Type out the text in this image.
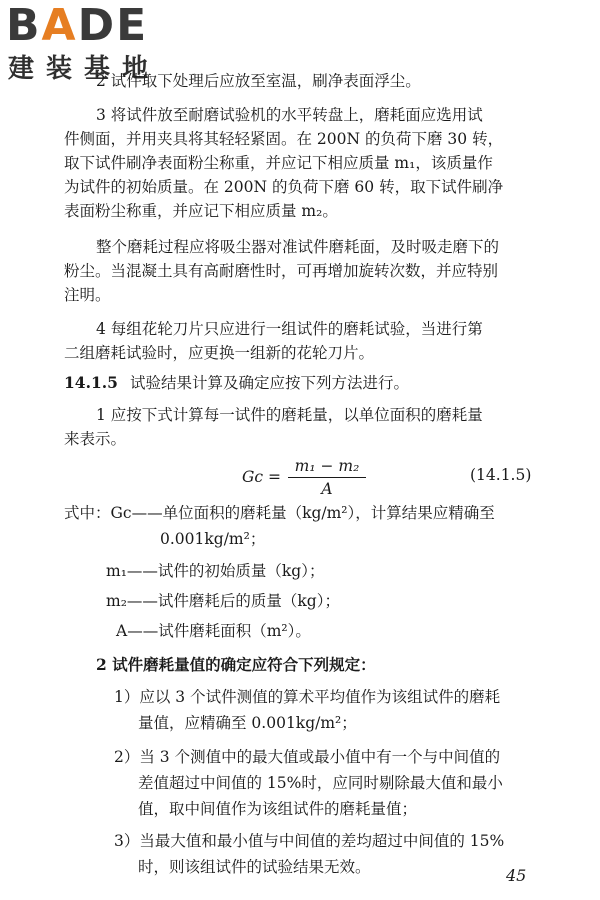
BADE
建装基地
2 试件取下处理后应放至室温，刷净表面浮尘。
3 将试件放至耐磨试验机的水平转盘上，磨耗面应选用试
件侧面，并用夹具将其轻轻紧固。在 200N 的负荷下磨 30 转，
取下试件刷净表面粉尘称重，并应记下相应质量 m₁，该质量作
为试件的初始质量。在 200N 的负荷下磨 60 转，取下试件刷净
表面粉尘称重，并应记下相应质量 m₂。
整个磨耗过程应将吸尘器对准试件磨耗面，及时吸走磨下的
粉尘。当混凝土具有高耐磨性时，可再增加旋转次数，并应特别
注明。
4 每组花轮刀片只应进行一组试件的磨耗试验，当进行第
二组磨耗试验时，应更换一组新的花轮刀片。
14.1.5 试验结果计算及确定应按下列方法进行。
1 应按下式计算每一试件的磨耗量，以单位面积的磨耗量
来表示。
Gc =
m₁ − m₂
A
(14.1.5)
式中：Gc——单位面积的磨耗量（kg/m²），计算结果应精确至
0.001kg/m²；
m₁——试件的初始质量（kg）；
m₂——试件磨耗后的质量（kg）；
A——试件磨耗面积（m²）。
2 试件磨耗量值的确定应符合下列规定：
1）应以 3 个试件测值的算术平均值作为该组试件的磨耗
量值，应精确至 0.001kg/m²；
2）当 3 个测值中的最大值或最小值中有一个与中间值的
差值超过中间值的 15%时，应同时剔除最大值和最小
值，取中间值作为该组试件的磨耗量值；
3）当最大值和最小值与中间值的差均超过中间值的 15%
时，则该组试件的试验结果无效。	45
